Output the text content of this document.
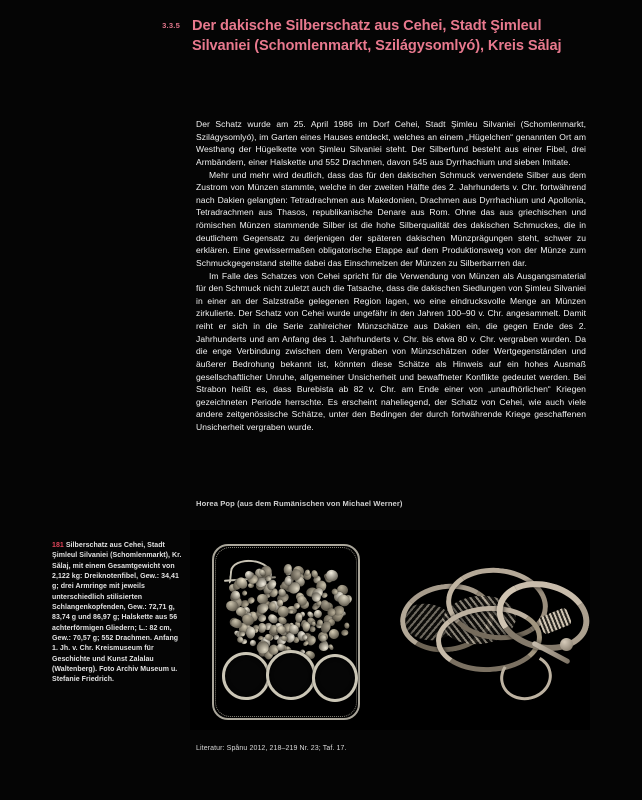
3.3.5 Der dakische Silberschatz aus Cehei, Stadt Şimleul Silvaniei (Schomlenmarkt, Szilágysomlyó), Kreis Sălaj

Der Schatz wurde am 25. April 1986 im Dorf Cehei, Stadt Şimleu Silvaniei (Schomlenmarkt, Szilágysomlyó), im Garten eines Hauses entdeckt, welches an einem „Hügelchen“ genannten Ort am Westhang der Hügelkette von Şimleu Silvaniei steht. Der Silberfund besteht aus einer Fibel, drei Armbändern, einer Halskette und 552 Drachmen, davon 545 aus Dyrrhachium und sieben Imitate.

Mehr und mehr wird deutlich, dass das für den dakischen Schmuck verwendete Silber aus dem Zustrom von Münzen stammte, welche in der zweiten Hälfte des 2. Jahrhunderts v. Chr. fortwährend nach Dakien gelangten: Tetradrachmen aus Makedonien, Drachmen aus Dyrrhachium und Apollonia, Tetradrachmen aus Thasos, republikanische Denare aus Rom. Ohne das aus griechischen und römischen Münzen stammende Silber ist die hohe Silberqualität des dakischen Schmuckes, die in deutlichem Gegensatz zu derjenigen der späteren dakischen Münzprägungen steht, schwer zu erklären. Eine gewissermaßen obligatorische Etappe auf dem Produktionsweg von der Münze zum Schmuckgegenstand stellte dabei das Einschmelzen der Münzen zu Silberbarrren dar.

Im Falle des Schatzes von Cehei spricht für die Verwendung von Münzen als Ausgangsmaterial für den Schmuck nicht zuletzt auch die Tatsache, dass die dakischen Siedlungen von Şimleu Silvaniei in einer an der Salzstraße gelegenen Region lagen, wo eine eindrucksvolle Menge an Münzen zirkulierte. Der Schatz von Cehei wurde ungefähr in den Jahren 100–90 v. Chr. angesammelt. Damit reiht er sich in die Serie zahlreicher Münzschätze aus Dakien ein, die gegen Ende des 2. Jahrhunderts und am Anfang des 1. Jahrhunderts v. Chr. bis etwa 80 v. Chr. vergraben wurden. Da die enge Verbindung zwischen dem Vergraben von Münzschätzen oder Wertgegenständen und äußerer Bedrohung bekannt ist, könnten diese Schätze als Hinweis auf ein hohes Ausmaß gesellschaftlicher Unruhe, allgemeiner Unsicherheit und bewaffneter Konflikte gedeutet werden. Bei Strabon heißt es, dass Burebista ab 82 v. Chr. am Ende einer von „unaufhörlichen“ Kriegen gezeichneten Periode herrschte. Es erscheint naheliegend, der Schatz von Cehei, wie auch viele andere zeitgenössische Schätze, unter den Bedingen der durch fortwährende Kriege geschaffenen Unsicherheit vergraben wurde.

Horea Pop (aus dem Rumänischen von Michael Werner)
181 Silberschatz aus Cehei, Stadt Şimleul Silvaniei (Schomlenmarkt), Kr. Sălaj, mit einem Gesamtgewicht von 2,122 kg: Dreiknotenfibel, Gew.: 34,41 g; drei Armringe mit jeweils unterschiedlich stilisierten Schlangenkopfenden, Gew.: 72,71 g, 83,74 g und 86,97 g; Halskette aus 56 achterförmigen Gliedern; L.: 82 cm, Gew.: 70,57 g; 552 Drachmen. Anfang 1. Jh. v. Chr. Kreismuseum für Geschichte und Kunst Zalalau (Waltenberg). Foto Archiv Museum u. Stefanie Friedrich.
Literatur: Spânu 2012, 218–219 Nr. 23; Taf. 17.
